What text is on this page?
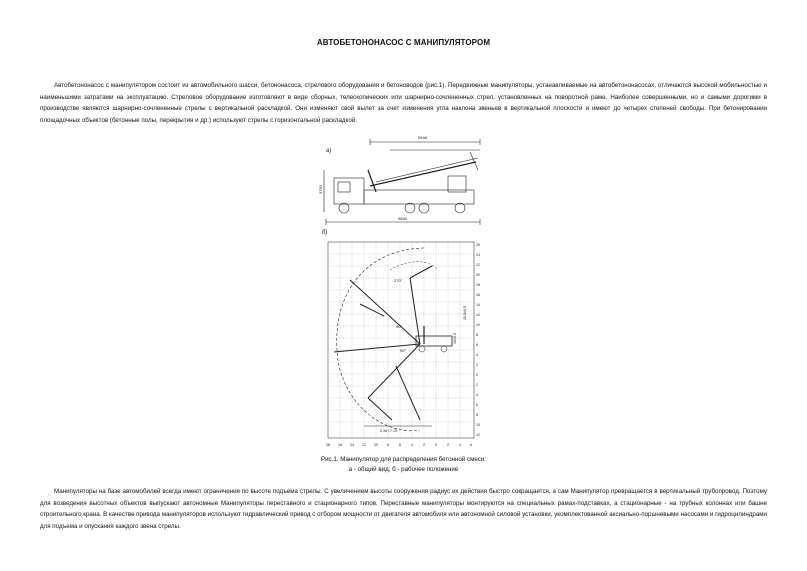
АВТОБЕТОНОНАСОС С МАНИПУЛЯТОРОМ

Автобетононасос с манипулятором состоит из автомобильного шасси, бетононасоса, стрелового оборудования и бетоноводов (рис.1). Передвижные манипуляторы, устанавливаемые на автобетононасосах, отличаются высокой мобильностью и наименьшими затратами на эксплуатацию. Стреловое оборудование изготовляют в виде сборных, телескопических или шарнирно-сочлененных стрел, установленных на поворотной раме. Наиболее совершенными, но и самыми дорогими в производстве являются шарнирно-сочлененные стрелы с вертикальной раскладкой. Они изменяют свой вылет за счет изменения угла наклона звеньев в вертикальной плоскости и имеют до четырех степеней свободы. При бетонировании площадочных объектов (бетонные полы, перекрытия и др.) используют стрелы с горизонтальной раскладкой.

а)
9948
3750
9850
б)
270°
90°
90°
20,8±0,5
16±0,5
0,36 / 7,15
25
24
22
20
18
16
14
12
10
8
6
4
2
0
2
4
6
8
10
12
18 16 14 12 10	8	6	4	2	0	2	4	6
Рис.1. Манипулятор для распределения бетонной смеси:
а - общий вид; б - рабочее положение

Манипуляторы на базе автомобилей всегда имеют ограничения по высоте подъема стрелы. С увеличением высоты сооружения радиус их действия быстро сокращается, а сам Манипулятор превращается в вертикальный трубопровод. Поэтому для возведения высотных объектов выпускают автономные Манипуляторы переставного и стационарного типов. Переставные манипуляторы монтируются на специальных рамах-подставках, а стационарные - на трубных колоннах или башне строительного крана. В качестве привода манипуляторов используют гидравлический привод с отбором мощности от двигателя автомобиля или автономной силовой установки, укомплектованной аксиально-поршневыми насосами и гидроцилиндрами для подъема и опускания каждого звена стрелы.
